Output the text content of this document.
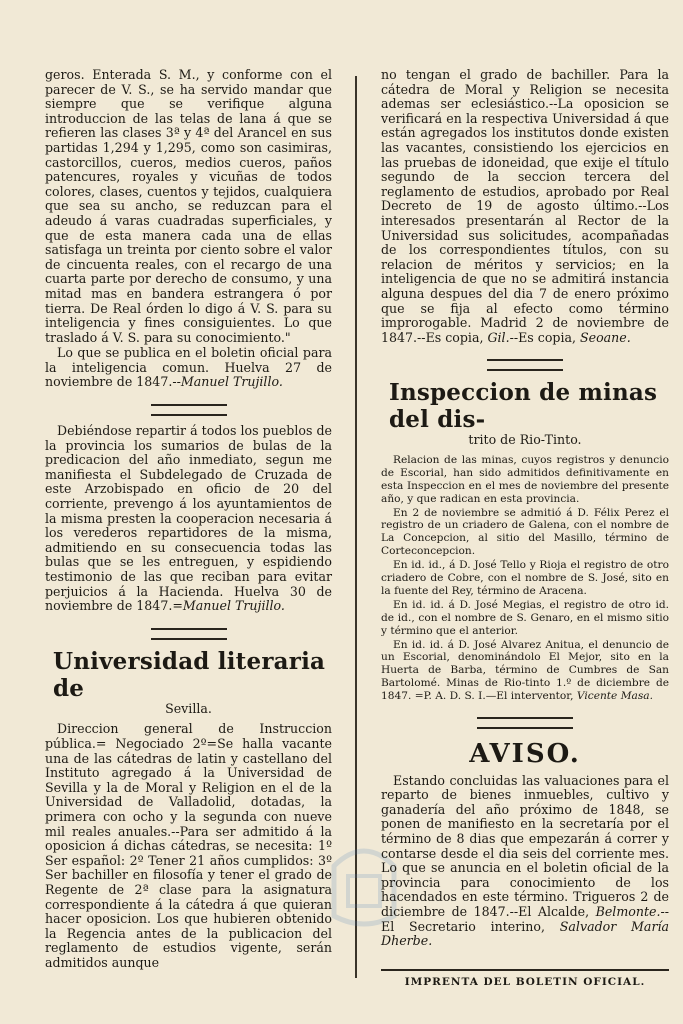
geros. Enterada S. M., y conforme con el parecer de V. S., se ha servido mandar que siempre que se verifique alguna introduccion de las telas de lana á que se refieren las clases 3ª y 4ª del Arancel en sus partidas 1,294 y 1,295, como son casimiras, castorcillos, cueros, medios cueros, paños patencures, royales y vicuñas de todos colores, clases, cuentos y tejidos, cualquiera que sea su ancho, se reduzcan para el adeudo á varas cuadradas superficiales, y que de esta manera cada una de ellas satisfaga un treinta por ciento sobre el valor de cincuenta reales, con el recargo de una cuarta parte por derecho de consumo, y una mitad mas en bandera estrangera ó por tierra. De Real órden lo digo á V. S. para su inteligencia y fines consiguientes. Lo que traslado á V. S. para su conocimiento."

Lo que se publica en el boletin oficial para la inteligencia comun. Huelva 27 de noviembre de 1847.--Manuel Trujillo.

Debiéndose repartir á todos los pueblos de la provincia los sumarios de bulas de la predicacion del año inmediato, segun me manifiesta el Subdelegado de Cruzada de este Arzobispado en oficio de 20 del corriente, prevengo á los ayuntamientos de la misma presten la cooperacion necesaria á los verederos repartidores de la misma, admitiendo en su consecuencia todas las bulas que se les entreguen, y espidiendo testimonio de las que reciban para evitar perjuicios á la Hacienda. Huelva 30 de noviembre de 1847.=Manuel Trujillo.

Universidad literaria de
Sevilla.

Direccion general de Instruccion pública.= Negociado 2º=Se halla vacante una de las cátedras de latin y castellano del Instituto agregado á la Universidad de Sevilla y la de Moral y Religion en el de la Universidad de Valladolid, dotadas, la primera con ocho y la segunda con nueve mil reales anuales.--Para ser admitido á la oposicion á dichas cátedras, se necesita: 1º Ser español: 2º Tener 21 años cumplidos: 3º Ser bachiller en filosofía y tener el grado de Regente de 2ª clase para la asignatura correspondiente á la cátedra á que quieran hacer oposicion. Los que hubieren obtenido la Regencia antes de la publicacion del reglamento de estudios vigente, serán admitidos aunque

no tengan el grado de bachiller. Para la cátedra de Moral y Religion se necesita ademas ser eclesiástico.--La oposicion se verificará en la respectiva Universidad á que están agregados los institutos donde existen las vacantes, consistiendo los ejercicios en las pruebas de idoneidad, que exije el título segundo de la seccion tercera del reglamento de estudios, aprobado por Real Decreto de 19 de agosto último.--Los interesados presentarán al Rector de la Universidad sus solicitudes, acompañadas de los correspondientes títulos, con su relacion de méritos y servicios; en la inteligencia de que no se admitirá instancia alguna despues del dia 7 de enero próximo que se fija al efecto como término improrogable. Madrid 2 de noviembre de 1847.--Es copia, Gil.--Es copia, Seoane.

Inspeccion de minas del dis-
trito de Rio-Tinto.

Relacion de las minas, cuyos registros y denuncio de Escorial, han sido admitidos definitivamente en esta Inspeccion en el mes de noviembre del presente año, y que radican en esta provincia.

En 2 de noviembre se admitió á D. Félix Perez el registro de un criadero de Galena, con el nombre de La Concepcion, al sitio del Masillo, término de Corteconcepcion.

En id. id., á D. José Tello y Rioja el registro de otro criadero de Cobre, con el nombre de S. José, sito en la fuente del Rey, término de Aracena.

En id. id. á D. José Megias, el registro de otro id. de id., con el nombre de S. Genaro, en el mismo sitio y término que el anterior.

En id. id. á D. José Alvarez Anitua, el denuncio de un Escorial, denominándolo El Mejor, sito en la Huerta de Barba, término de Cumbres de San Bartolomé. Minas de Rio-tinto 1.º de diciembre de 1847. =P. A. D. S. I.—El interventor, Vicente Masa.

AVISO.

Estando concluidas las valuaciones para el reparto de bienes inmuebles, cultivo y ganadería del año próximo de 1848, se ponen de manifiesto en la secretaría por el término de 8 dias que empezarán á correr y contarse desde el dia seis del corriente mes. Lo que se anuncia en el boletin oficial de la provincia para conocimiento de los hacendados en este término. Trigueros 2 de diciembre de 1847.--El Alcalde, Belmonte.--El Secretario interino, Salvador María Dherbe.

IMPRENTA DEL BOLETIN OFICIAL.
